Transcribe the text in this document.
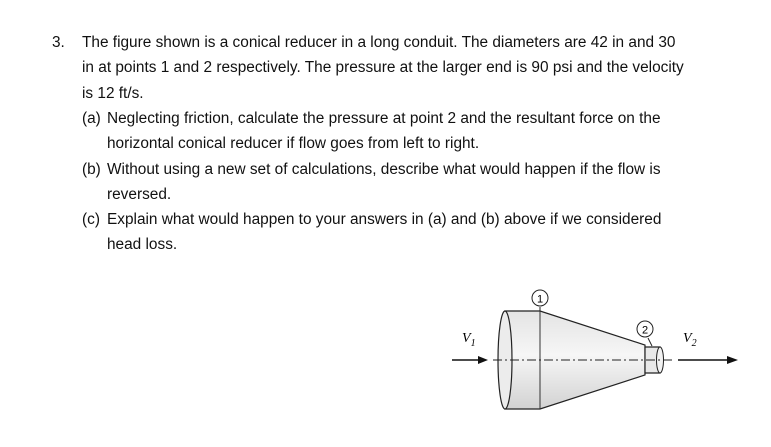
3. The figure shown is a conical reducer in a long conduit. The diameters are 42 in and 30
in at points 1 and 2 respectively. The pressure at the larger end is 90 psi and the velocity
is 12 ft/s.
(a) Neglecting friction, calculate the pressure at point 2 and the resultant force on the
horizontal conical reducer if flow goes from left to right.
(b) Without using a new set of calculations, describe what would happen if the flow is
reversed.
(c) Explain what would happen to your answers in (a) and (b) above if we considered
head loss.
1
2
$V_1$	$V_2$
